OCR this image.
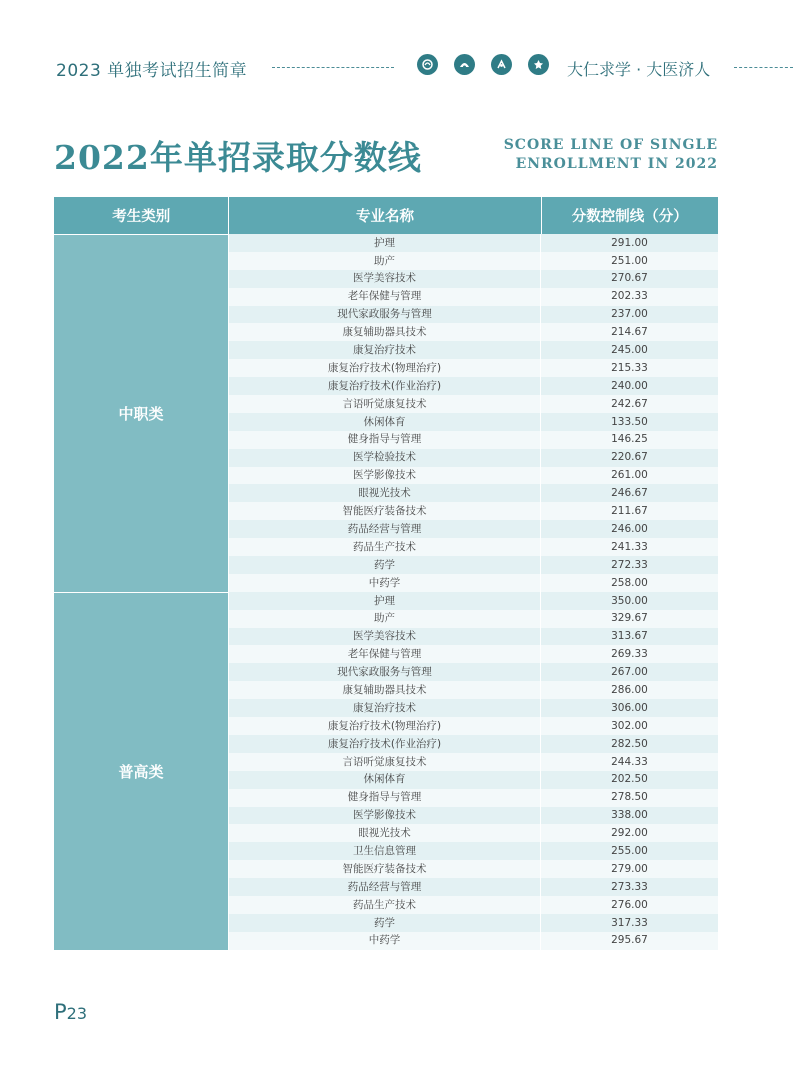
2023 单独考试招生简章	大仁求学 · 大医济人
2022年单招录取分数线	SCORE LINE OF SINGLE
ENROLLMENT IN 2022
考生类别	专业名称	分数控制线（分）
中职类
护理	291.00
助产	251.00
医学美容技术	270.67
老年保健与管理	202.33
现代家政服务与管理	237.00
康复辅助器具技术	214.67
康复治疗技术	245.00
康复治疗技术(物理治疗)	215.33
康复治疗技术(作业治疗)	240.00
言语听觉康复技术	242.67
休闲体育	133.50
健身指导与管理	146.25
医学检验技术	220.67
医学影像技术	261.00
眼视光技术	246.67
智能医疗装备技术	211.67
药品经营与管理	246.00
药品生产技术	241.33
药学	272.33
中药学	258.00
普高类
护理	350.00
助产	329.67
医学美容技术	313.67
老年保健与管理	269.33
现代家政服务与管理	267.00
康复辅助器具技术	286.00
康复治疗技术	306.00
康复治疗技术(物理治疗)	302.00
康复治疗技术(作业治疗)	282.50
言语听觉康复技术	244.33
休闲体育	202.50
健身指导与管理	278.50
医学影像技术	338.00
眼视光技术	292.00
卫生信息管理	255.00
智能医疗装备技术	279.00
药品经营与管理	273.33
药品生产技术	276.00
药学	317.33
中药学	295.67
P23
